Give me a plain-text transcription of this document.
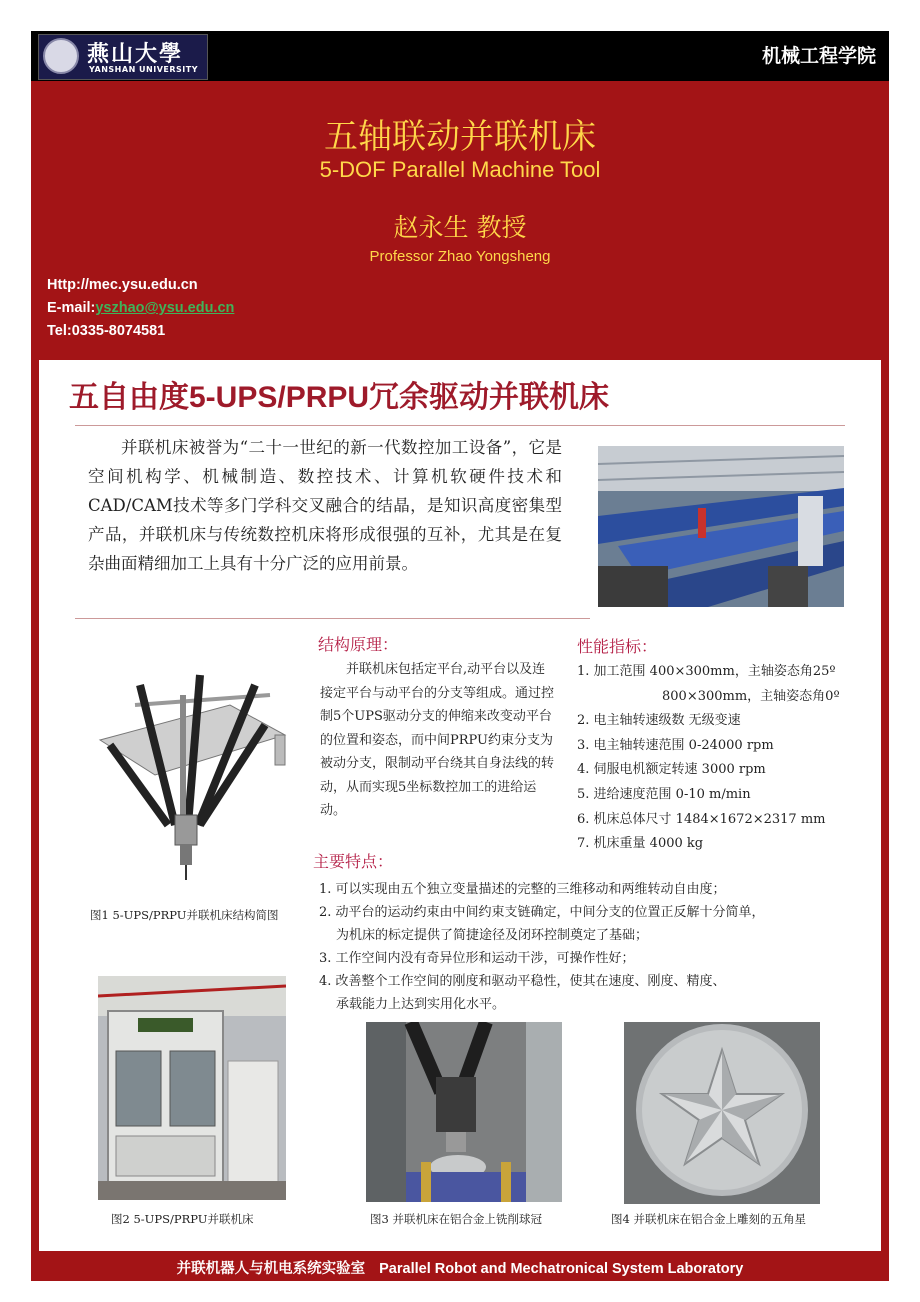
燕山大學
YANSHAN UNIVERSITY
机械工程学院
五轴联动并联机床
5-DOF Parallel Machine Tool
赵永生 教授
Professor Zhao Yongsheng
Http://mec.ysu.edu.cn
E-mail:yszhao@ysu.edu.cn
Tel:0335-8074581
五自由度5-UPS/PRPU冗余驱动并联机床
并联机床被誉为“二十一世纪的新一代数控加工设备”，它是空间机构学、机械制造、数控技术、计算机软硬件技术和CAD/CAM技术等多门学科交叉融合的结晶，是知识高度密集型产品，并联机床与传统数控机床将形成很强的互补，尤其是在复杂曲面精细加工上具有十分广泛的应用前景。
结构原理：
并联机床包括定平台,动平台以及连接定平台与动平台的分支等组成。通过控制5个UPS驱动分支的伸缩来改变动平台的位置和姿态，而中间PRPU约束分支为被动分支，限制动平台绕其自身法线的转动，从而实现5坐标数控加工的进给运动。
性能指标：
1. 加工范围 400×300mm，主轴姿态角25º
800×300mm，主轴姿态角0º
2. 电主轴转速级数 无级变速
3. 电主轴转速范围 0-24000 rpm
4. 伺服电机额定转速 3000 rpm
5. 进给速度范围 0-10 m/min
6. 机床总体尺寸 1484×1672×2317 mm
7. 机床重量 4000 kg
主要特点：
1. 可以实现由五个独立变量描述的完整的三维移动和两维转动自由度；
2. 动平台的运动约束由中间约束支链确定，中间分支的位置正反解十分简单，
为机床的标定提供了简捷途径及闭环控制奠定了基础；
3. 工作空间内没有奇异位形和运动干涉，可操作性好；
4. 改善整个工作空间的刚度和驱动平稳性，使其在速度、刚度、精度、
承载能力上达到实用化水平。
图1 5-UPS/PRPU并联机床结构简图
图2 5-UPS/PRPU并联机床	图3 并联机床在铝合金上铣削球冠	图4 并联机床在铝合金上雕刻的五角星
并联机器人与机电系统实验室 Parallel Robot and Mechatronical System Laboratory
